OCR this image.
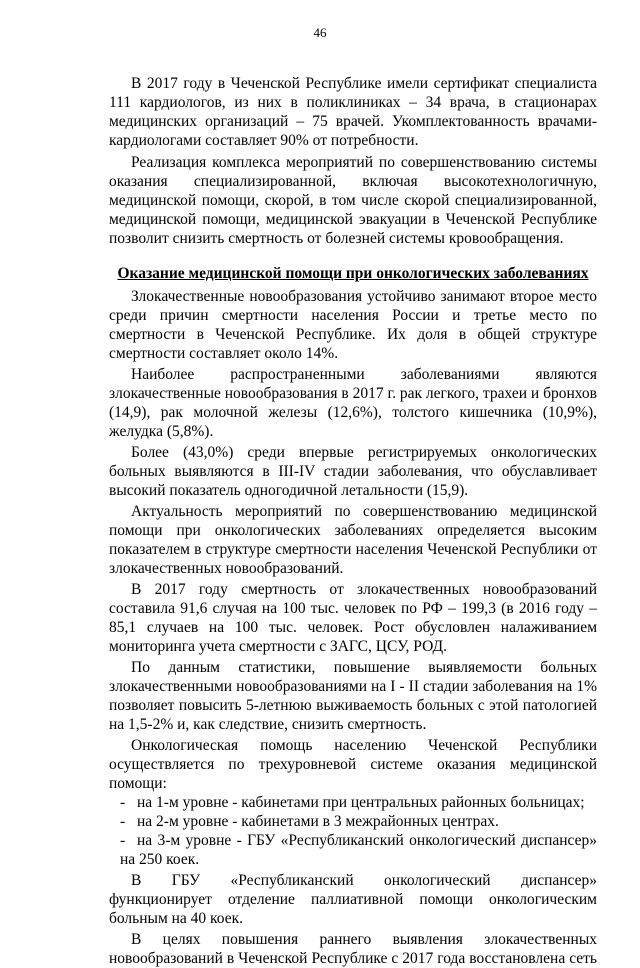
46

В 2017 году в Чеченской Республике имели сертификат специалиста 111 кардиологов, из них в поликлиниках – 34 врача, в стационарах медицинских организаций – 75 врачей. Укомплектованность врачами-кардиологами составляет 90% от потребности.

Реализация комплекса мероприятий по совершенствованию системы оказания специализированной, включая высокотехнологичную, медицинской помощи, скорой, в том числе скорой специализированной, медицинской помощи, медицинской эвакуации в Чеченской Республике позволит снизить смертность от болезней системы кровообращения.

Оказание медицинской помощи при онкологических заболеваниях

Злокачественные новообразования устойчиво занимают второе место среди причин смертности населения России и третье место по смертности в Чеченской Республике. Их доля в общей структуре смертности составляет около 14%.

Наиболее распространенными заболеваниями являются злокачественные новообразования в 2017 г. рак легкого, трахеи и бронхов (14,9), рак молочной железы (12,6%), толстого кишечника (10,9%), желудка (5,8%).

Более (43,0%) среди впервые регистрируемых онкологических больных выявляются в III-IV стадии заболевания, что обуславливает высокий показатель одногодичной летальности (15,9).

Актуальность мероприятий по совершенствованию медицинской помощи при онкологических заболеваниях определяется высоким показателем в структуре смертности населения Чеченской Республики от злокачественных новообразований.

В 2017 году смертность от злокачественных новообразований составила 91,6 случая на 100 тыс. человек по РФ – 199,3 (в 2016 году – 85,1 случаев на 100 тыс. человек. Рост обусловлен налаживанием мониторинга учета смертности с ЗАГС, ЦСУ, РОД.

По данным статистики, повышение выявляемости больных злокачественными новообразованиями на I - II стадии заболевания на 1% позволяет повысить 5-летнюю выживаемость больных с этой патологией на 1,5-2% и, как следствие, снизить смертность.

Онкологическая помощь населению Чеченской Республики осуществляется по трехуровневой системе оказания медицинской помощи:

- на 1-м уровне - кабинетами при центральных районных больницах;

- на 2-м уровне - кабинетами в 3 межрайонных центрах.

- на 3-м уровне - ГБУ «Республиканский онкологический диспансер» на 250 коек.

В ГБУ «Республиканский онкологический диспансер» функционирует отделение паллиативной помощи онкологическим больным на 40 коек.

В целях повышения раннего выявления злокачественных новообразований в Чеченской Республике с 2017 года восстановлена сеть
